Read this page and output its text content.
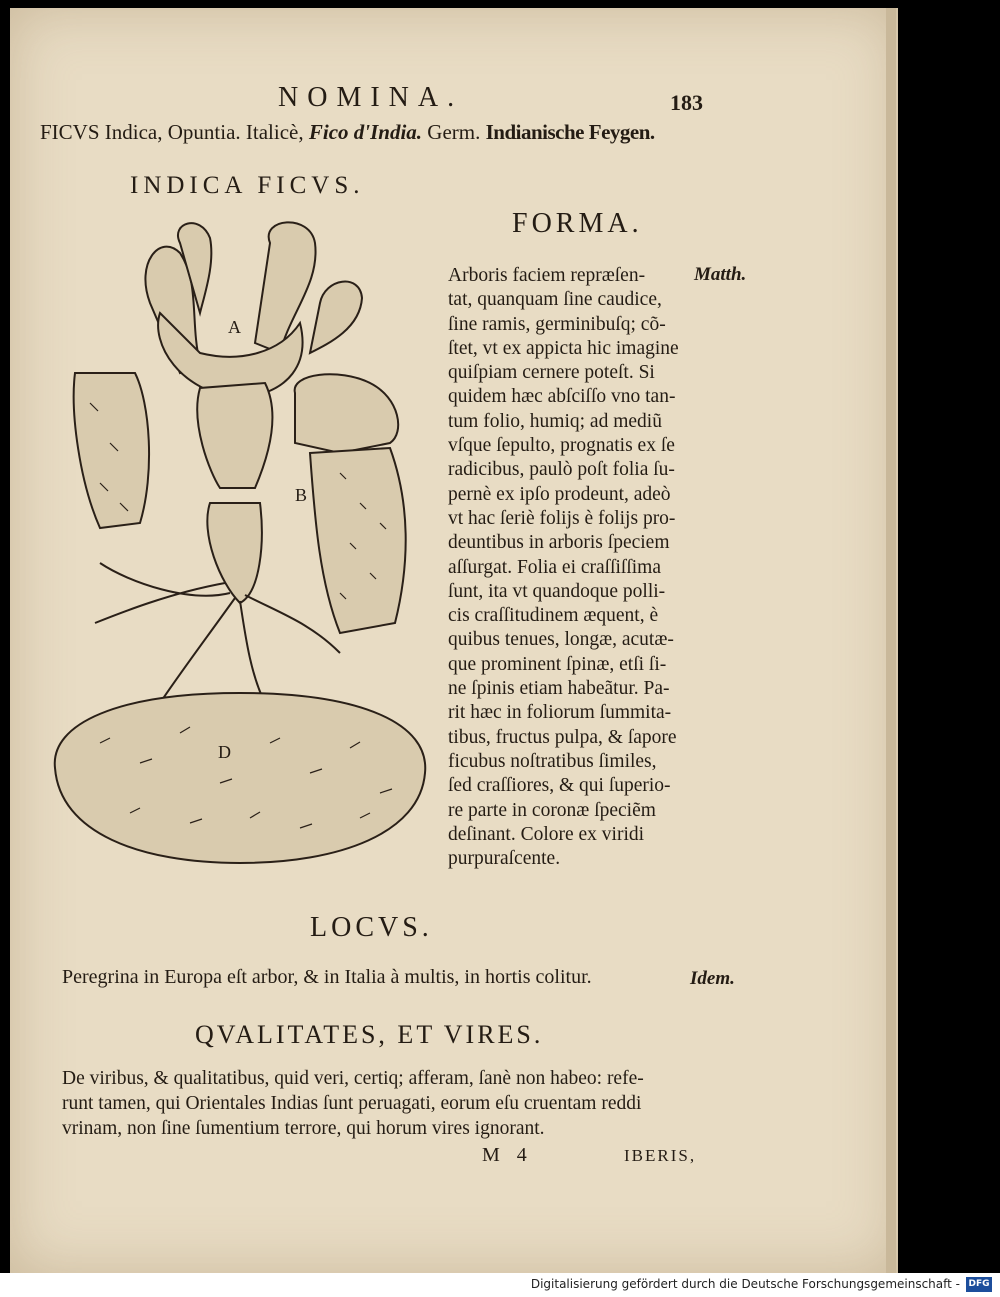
NOMINA.	183
FICVS Indica, Opuntia. Italicè, Fico d'India. Germ. Indianische Feygen.
INDICA FICVS.
A
B
D
FORMA.
Matth.
Arboris faciem repræſen-
tat, quanquam ſine caudice,
ſine ramis, germinibuſq; cõ-
ſtet, vt ex appicta hic imagine
quiſpiam cernere poteſt. Si
quidem hæc abſciſſo vno tan-
tum folio, humiq; ad mediũ
vſque ſepulto, prognatis ex ſe
radicibus, paulò poſt folia ſu-
pernè ex ipſo prodeunt, adeò
vt hac ſeriè folijs è folijs pro-
deuntibus in arboris ſpeciem
aſſurgat. Folia ei craſſiſſima
ſunt, ita vt quandoque polli-
cis craſſitudinem æquent, è
quibus tenues, longæ, acutæ-
que prominent ſpinæ, etſi ſi-
ne ſpinis etiam habeãtur. Pa-
rit hæc in foliorum ſummita-
tibus, fructus pulpa, & ſapore
ficubus noſtratibus ſimiles,
ſed craſſiores, & qui ſuperio-
re parte in coronæ ſpeciẽm
deſinant. Colore ex viridi
purpuraſcente.
LOCVS.
Peregrina in Europa eſt arbor, & in Italia à multis, in hortis colitur.	Idem.
QVALITATES, ET VIRES.
De viribus, & qualitatibus, quid veri, certiq; afferam, ſanè non habeo: refe-
runt tamen, qui Orientales Indias ſunt peruagati, eorum eſu cruentam reddi
vrinam, non ſine ſumentium terrore, qui horum vires ignorant.
M 4	IBERIS,
Digitalisierung gefördert durch die Deutsche Forschungsgemeinschaft - DFG
